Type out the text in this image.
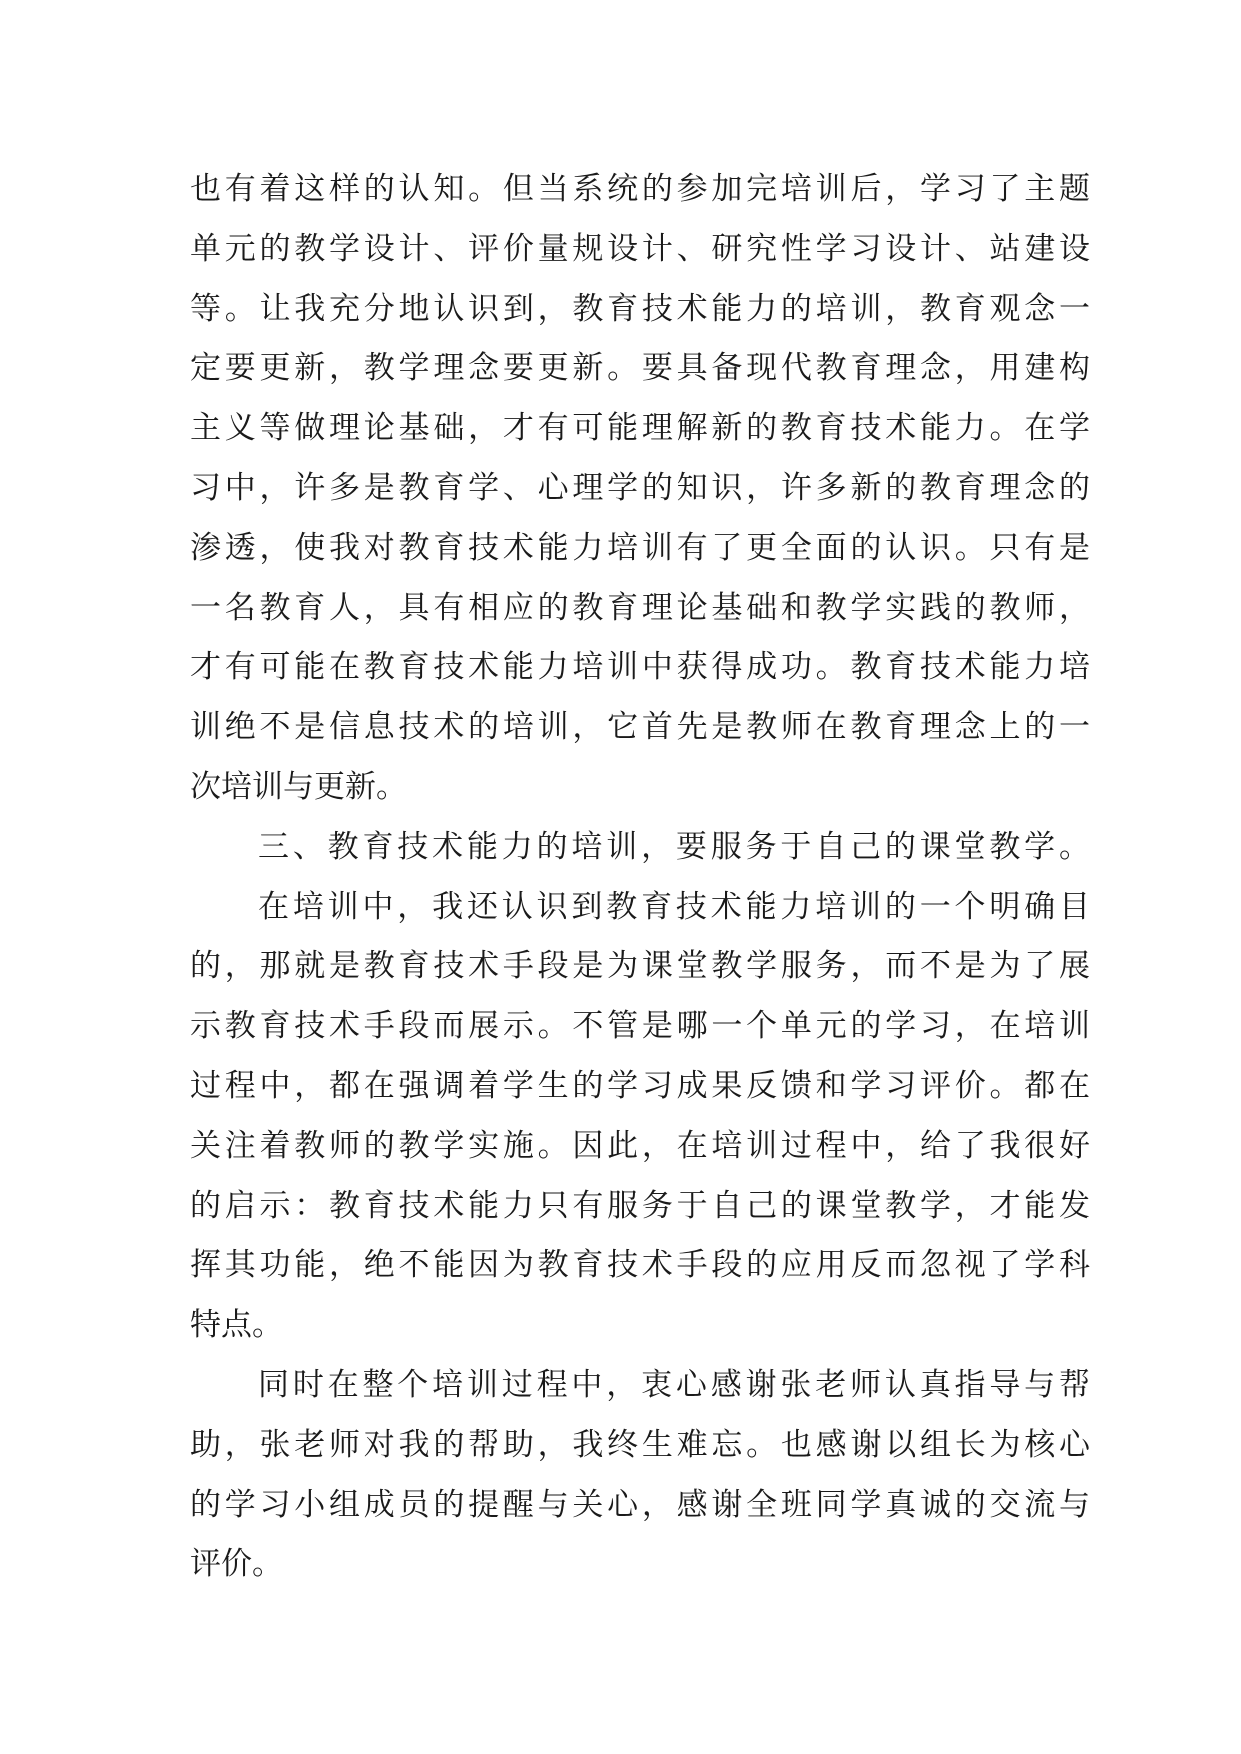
也有着这样的认知。但当系统的参加完培训后，学习了主题
单元的教学设计、评价量规设计、研究性学习设计、站建设
等。让我充分地认识到，教育技术能力的培训，教育观念一
定要更新，教学理念要更新。要具备现代教育理念，用建构
主义等做理论基础，才有可能理解新的教育技术能力。在学
习中，许多是教育学、心理学的知识，许多新的教育理念的
渗透，使我对教育技术能力培训有了更全面的认识。只有是
一名教育人，具有相应的教育理论基础和教学实践的教师，
才有可能在教育技术能力培训中获得成功。教育技术能力培
训绝不是信息技术的培训，它首先是教师在教育理念上的一
次培训与更新。
三、教育技术能力的培训，要服务于自己的课堂教学。
在培训中，我还认识到教育技术能力培训的一个明确目
的，那就是教育技术手段是为课堂教学服务，而不是为了展
示教育技术手段而展示。不管是哪一个单元的学习，在培训
过程中，都在强调着学生的学习成果反馈和学习评价。都在
关注着教师的教学实施。因此，在培训过程中，给了我很好
的启示：教育技术能力只有服务于自己的课堂教学，才能发
挥其功能，绝不能因为教育技术手段的应用反而忽视了学科
特点。
同时在整个培训过程中，衷心感谢张老师认真指导与帮
助，张老师对我的帮助，我终生难忘。也感谢以组长为核心
的学习小组成员的提醒与关心，感谢全班同学真诚的交流与
评价。
